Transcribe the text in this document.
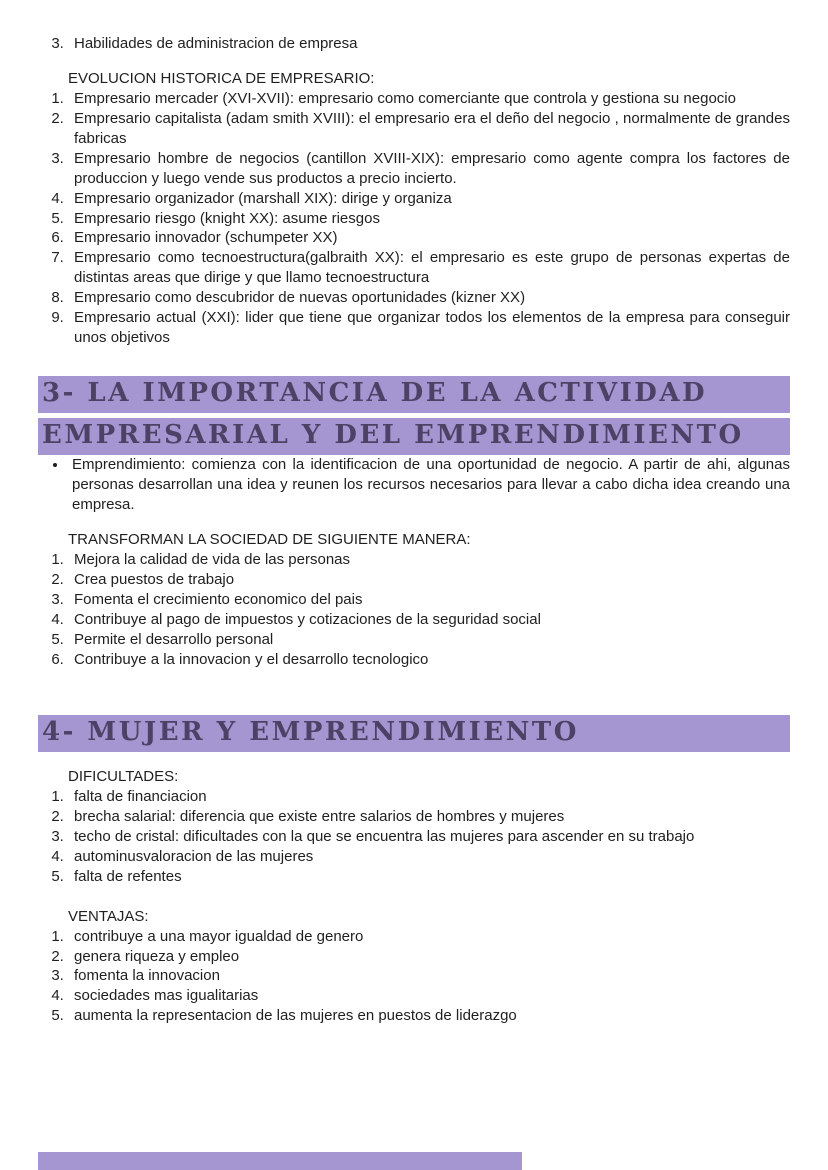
3. Habilidades de administracion de empresa

EVOLUCION HISTORICA DE EMPRESARIO:

1. Empresario mercader (XVI-XVII): empresario como comerciante que controla y gestiona su negocio
2. Empresario capitalista (adam smith XVIII): el empresario era el deño del negocio , normalmente de grandes fabricas
3. Empresario hombre de negocios (cantillon XVIII-XIX): empresario como agente compra los factores de produccion y luego vende sus productos a precio incierto.
4. Empresario organizador (marshall XIX): dirige y organiza
5. Empresario riesgo (knight XX): asume riesgos
6. Empresario innovador (schumpeter XX)
7. Empresario como tecnoestructura(galbraith XX): el empresario es este grupo de personas expertas de distintas areas que dirige y que llamo tecnoestructura
8. Empresario como descubridor de nuevas oportunidades (kizner XX)
9. Empresario actual (XXI): lider que tiene que organizar todos los elementos de la empresa para conseguir unos objetivos
3- LA IMPORTANCIA DE LA ACTIVIDAD
EMPRESARIAL Y DEL EMPRENDIMIENTO
• Emprendimiento: comienza con la identificacion de una oportunidad de negocio. A partir de ahi, algunas personas desarrollan una idea y reunen los recursos necesarios para llevar a cabo dicha idea creando una empresa.

TRANSFORMAN LA SOCIEDAD DE SIGUIENTE MANERA:

1. Mejora la calidad de vida de las personas
2. Crea puestos de trabajo
3. Fomenta el crecimiento economico del pais
4. Contribuye al pago de impuestos y cotizaciones de la seguridad social
5. Permite el desarrollo personal
6. Contribuye a la innovacion y el desarrollo tecnologico
4- MUJER Y EMPRENDIMIENTO

DIFICULTADES:

1. falta de financiacion
2. brecha salarial: diferencia que existe entre salarios de hombres y mujeres
3. techo de cristal: dificultades con la que se encuentra las mujeres para ascender en su trabajo
4. autominusvaloracion de las mujeres
5. falta de refentes

VENTAJAS:

1. contribuye a una mayor igualdad de genero
2. genera riqueza y empleo
3. fomenta la innovacion
4. sociedades mas igualitarias
5. aumenta la representacion de las mujeres en puestos de liderazgo
